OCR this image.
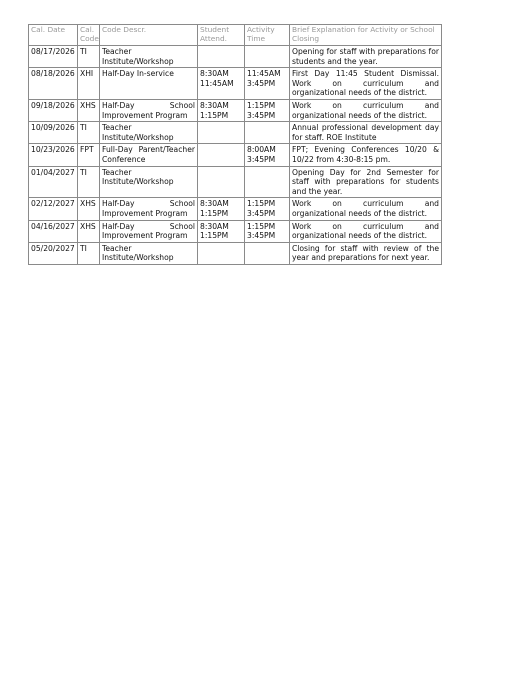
Cal. Date	Cal. Code	Code Descr.	Student Attend.	Activity Time	Brief Explanation for Activity or School Closing
08/17/2026	TI	Teacher Institute/Workshop			Opening for staff with preparations for students and the year.
08/18/2026	XHI	Half-Day In-service	8:30AM 11:45AM	11:45AM 3:45PM	First Day 11:45 Student Dismissal. Work on curriculum and organizational needs of the district.
09/18/2026	XHS	Half-Day School Improvement Program	8:30AM 1:15PM	1:15PM 3:45PM	Work on curriculum and organizational needs of the district.
10/09/2026	TI	Teacher Institute/Workshop			Annual professional development day for staff. ROE Institute
10/23/2026	FPT	Full-Day Parent/Teacher Conference		8:00AM 3:45PM	FPT; Evening Conferences 10/20 & 10/22 from 4:30-8:15 pm.
01/04/2027	TI	Teacher Institute/Workshop			Opening Day for 2nd Semester for staff with preparations for students and the year.
02/12/2027	XHS	Half-Day School Improvement Program	8:30AM 1:15PM	1:15PM 3:45PM	Work on curriculum and organizational needs of the district.
04/16/2027	XHS	Half-Day School Improvement Program	8:30AM 1:15PM	1:15PM 3:45PM	Work on curriculum and organizational needs of the district.
05/20/2027	TI	Teacher Institute/Workshop			Closing for staff with review of the year and preparations for next year.
